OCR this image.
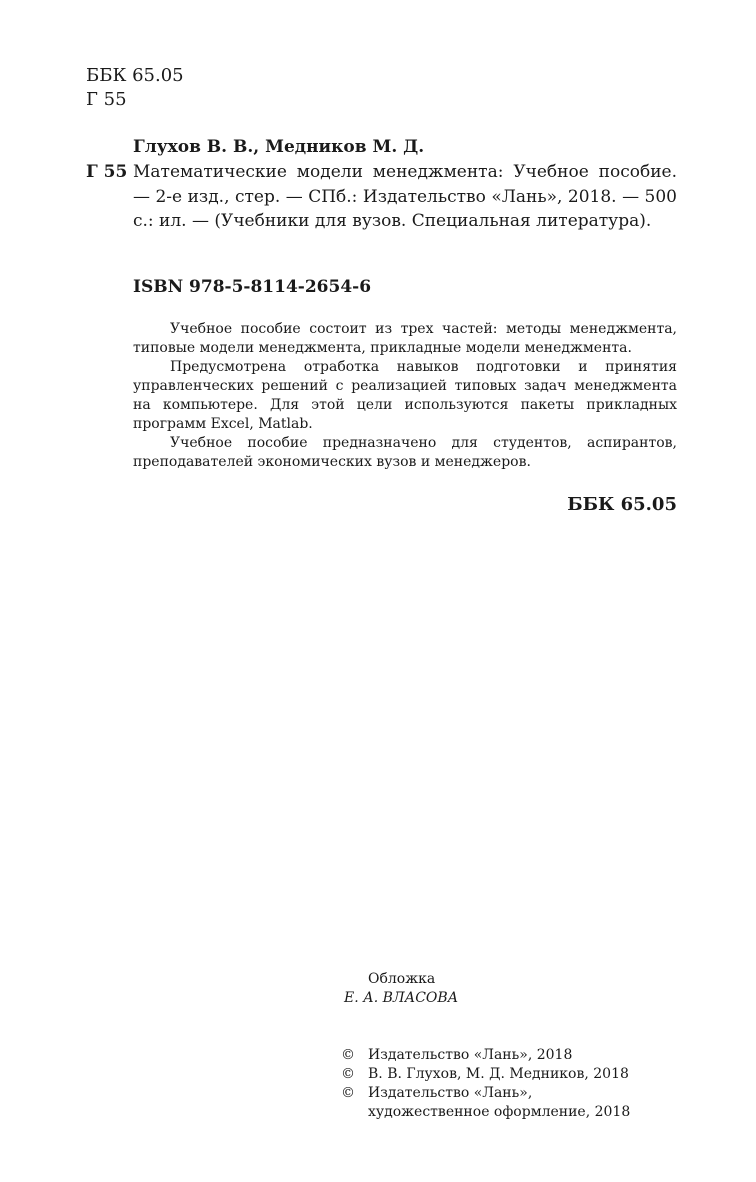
ББК 65.05
Г 55
Глухов В. В., Медников М. Д.
Г 55 Математические модели менеджмента: Учебное пособие. — 2-е изд., стер. — СПб.: Издательство «Лань», 2018. — 500 с.: ил. — (Учебники для вузов. Специальная литература).
ISBN 978-5-8114-2654-6

Учебное пособие состоит из трех частей: методы менеджмента, типовые модели менеджмента, прикладные модели менеджмента.

Предусмотрена отработка навыков подготовки и принятия управленческих решений с реализацией типовых задач менеджмента на компьютере. Для этой цели используются пакеты прикладных программ Excel, Matlab.

Учебное пособие предназначено для студентов, аспирантов, преподавателей экономических вузов и менеджеров.

ББК 65.05
Обложка
Е. А. ВЛАСОВА
© Издательство «Лань», 2018
© В. В. Глухов, М. Д. Медников, 2018
© Издательство «Лань»,
художественное оформление, 2018
